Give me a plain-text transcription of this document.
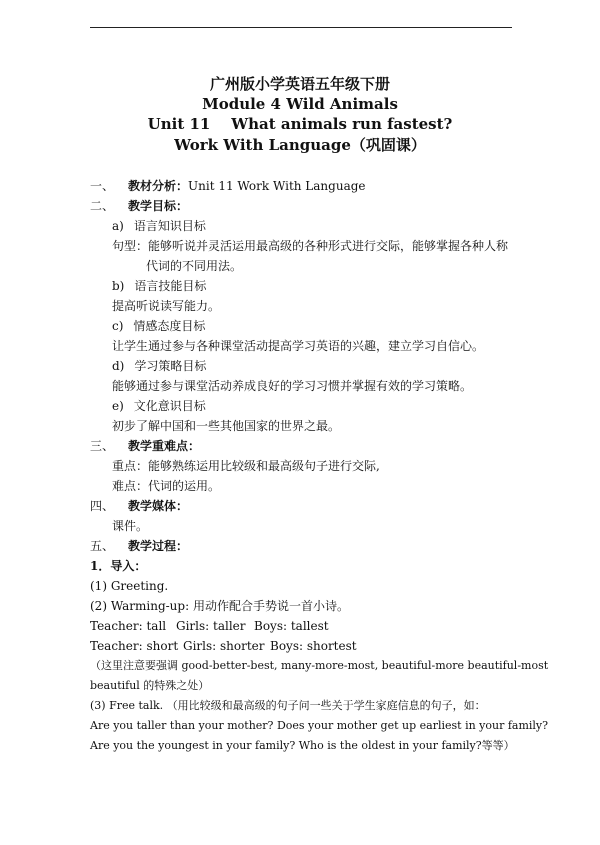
广州版小学英语五年级下册
Module 4 Wild Animals
Unit 11    What animals run fastest?
Work With Language（巩固课）
一、 教材分析：Unit 11 Work With Language
二、 教学目标：
a) 语言知识目标
句型：能够听说并灵活运用最高级的各种形式进行交际，能够掌握各种人称
代词的不同用法。
b) 语言技能目标
提高听说读写能力。
c) 情感态度目标
让学生通过参与各种课堂活动提高学习英语的兴趣，建立学习自信心。
d) 学习策略目标
能够通过参与课堂活动养成良好的学习习惯并掌握有效的学习策略。
e) 文化意识目标
初步了解中国和一些其他国家的世界之最。
三、 教学重难点：
重点：能够熟练运用比较级和最高级句子进行交际,
难点：代词的运用。
四、 教学媒体：
课件。
五、 教学过程：
1．导入：
(1) Greeting.
(2) Warming-up: 用动作配合手势说一首小诗。
Teacher: tall Girls: taller Boys: tallest
Teacher: short Girls: shorter Boys: shortest
（这里注意要强调 good-better-best, many-more-most, beautiful-more beautiful-most
beautiful 的特殊之处）
(3) Free talk. （用比较级和最高级的句子问一些关于学生家庭信息的句子，如：
Are you taller than your mother? Does your mother get up earliest in your family?
Are you the youngest in your family? Who is the oldest in your family?等等）
